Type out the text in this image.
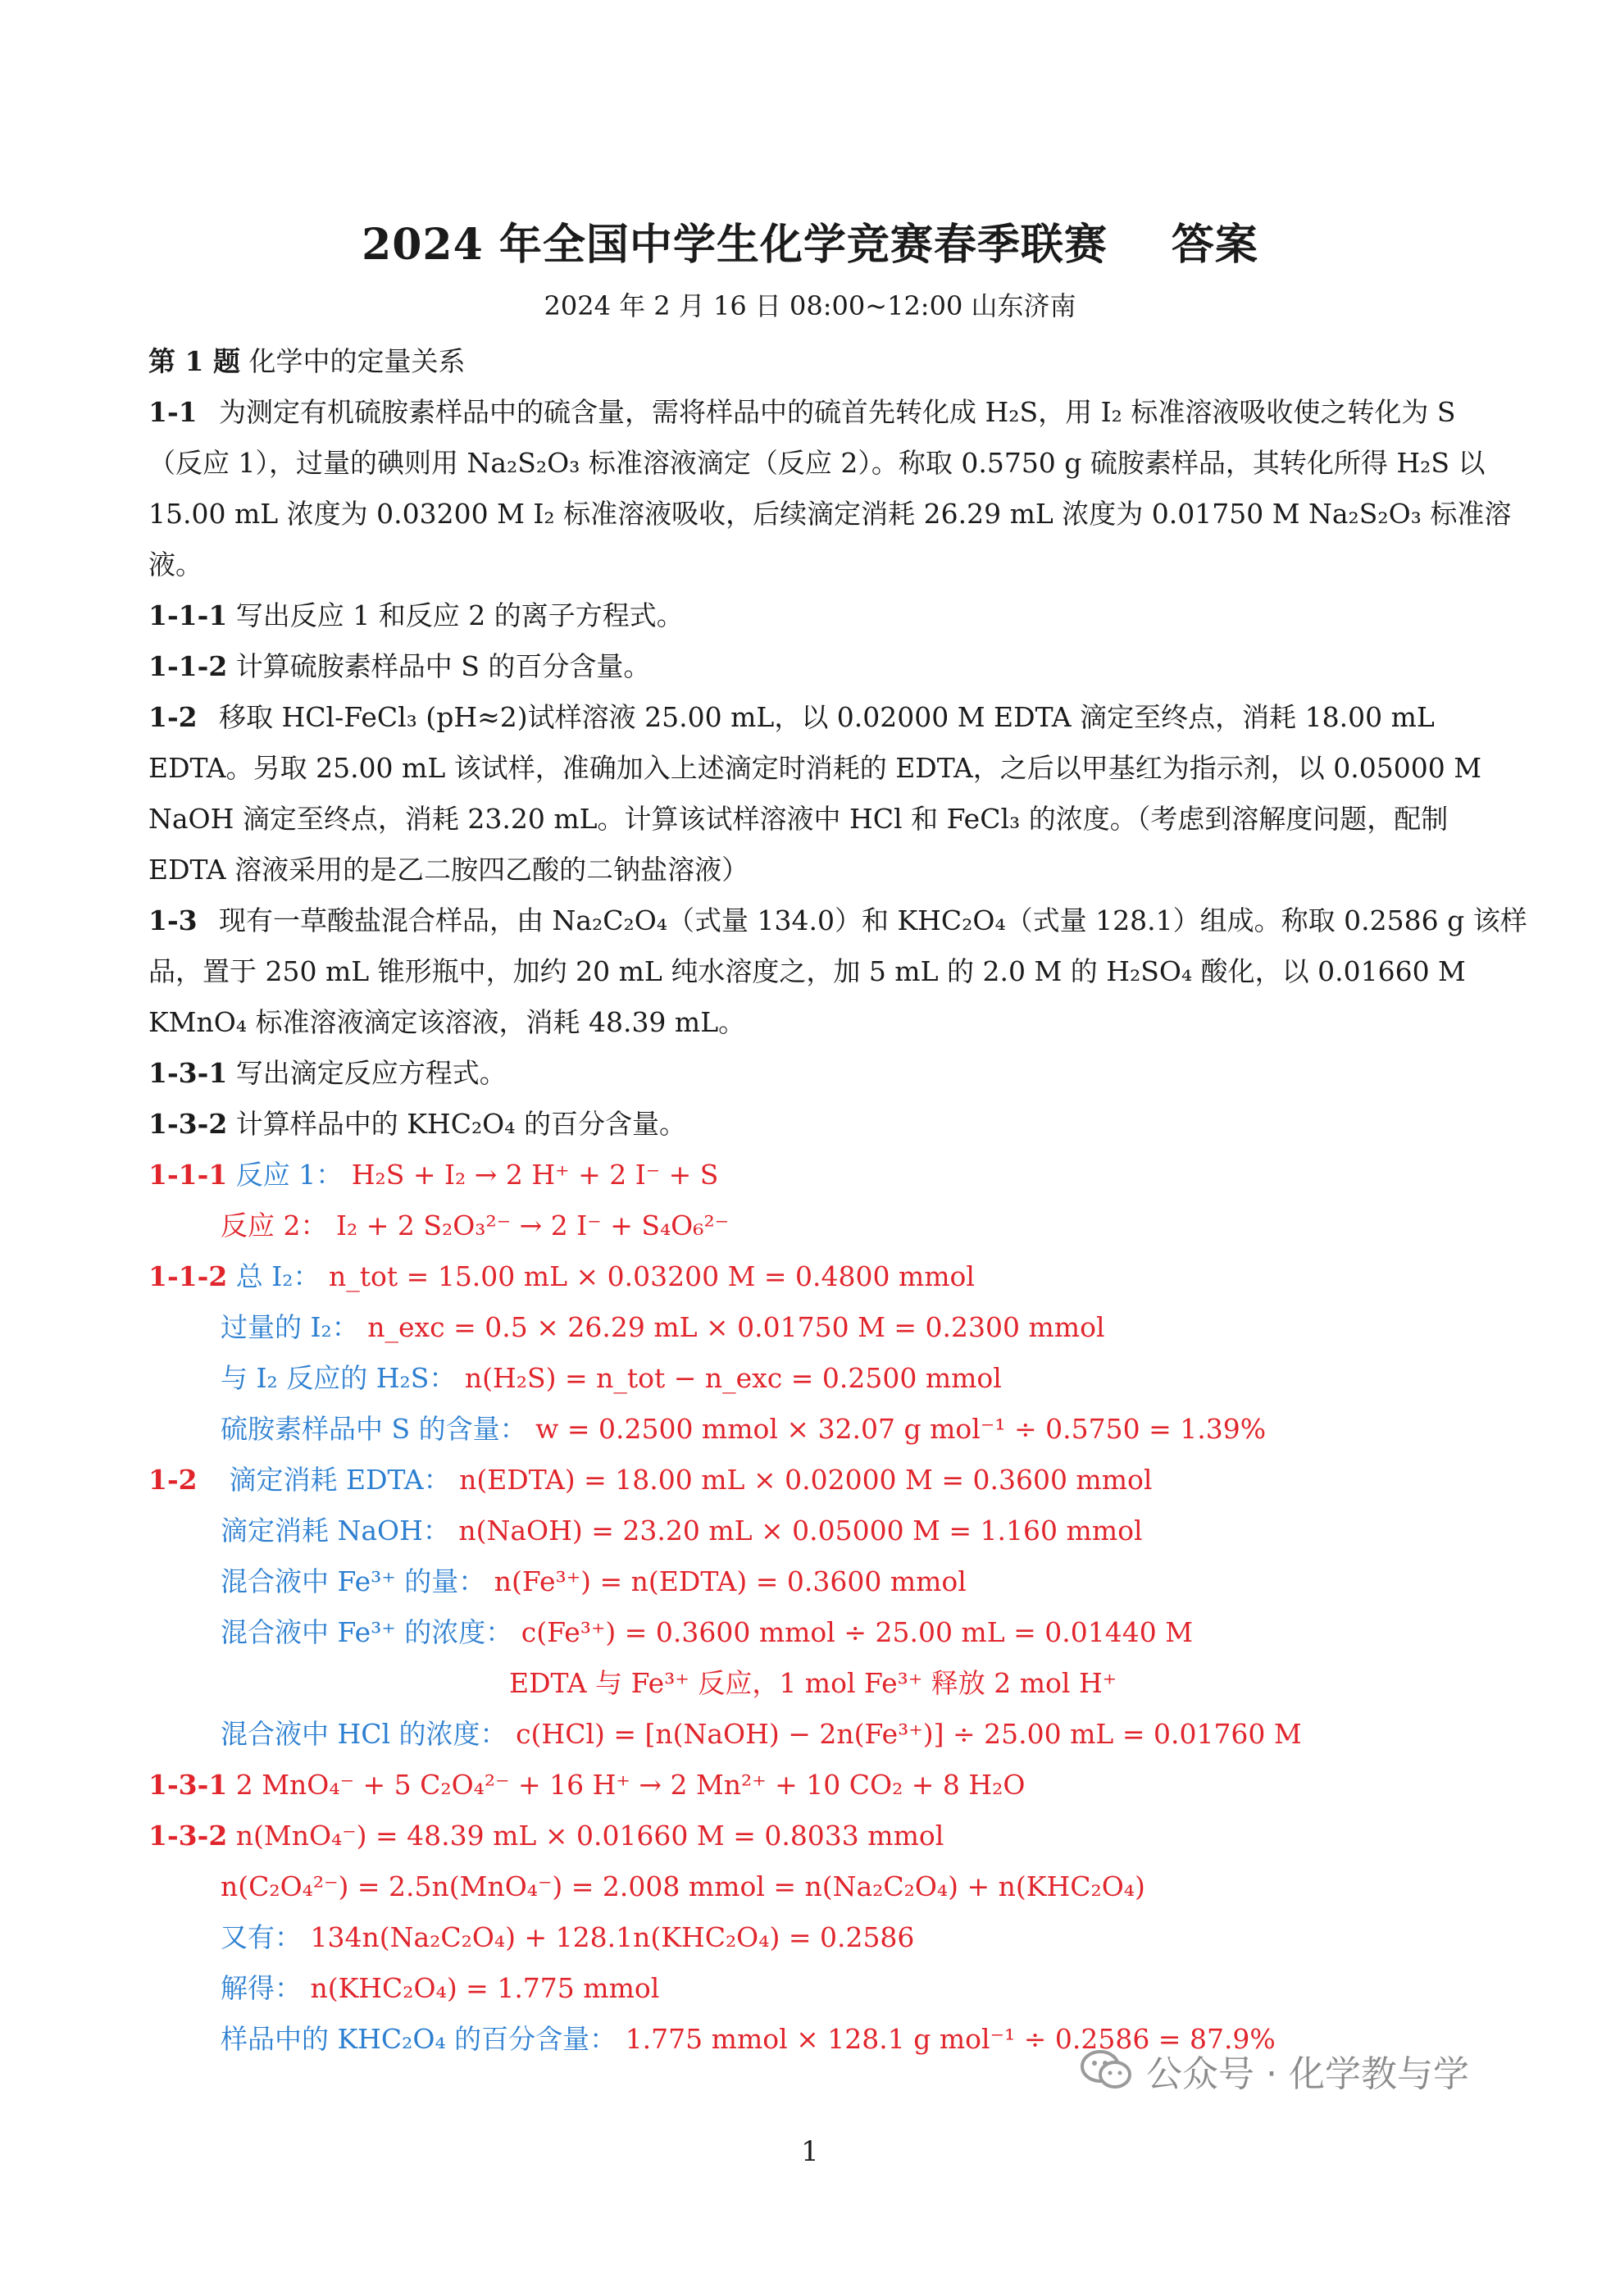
2024 年全国中学生化学竞赛春季联赛 答案
2024 年 2 月 16 日 08:00~12:00 山东济南
第 1 题 化学中的定量关系
1-1 为测定有机硫胺素样品中的硫含量，需将样品中的硫首先转化成 H₂S，用 I₂ 标准溶液吸收使之转化为 S
（反应 1），过量的碘则用 Na₂S₂O₃ 标准溶液滴定（反应 2）。称取 0.5750 g 硫胺素样品，其转化所得 H₂S 以
15.00 mL 浓度为 0.03200 M I₂ 标准溶液吸收，后续滴定消耗 26.29 mL 浓度为 0.01750 M Na₂S₂O₃ 标准溶
液。
1-1-1 写出反应 1 和反应 2 的离子方程式。
1-1-2 计算硫胺素样品中 S 的百分含量。
1-2 移取 HCl-FeCl₃ (pH≈2)试样溶液 25.00 mL，以 0.02000 M EDTA 滴定至终点，消耗 18.00 mL
EDTA。另取 25.00 mL 该试样，准确加入上述滴定时消耗的 EDTA，之后以甲基红为指示剂，以 0.05000 M
NaOH 滴定至终点，消耗 23.20 mL。计算该试样溶液中 HCl 和 FeCl₃ 的浓度。（考虑到溶解度问题，配制
EDTA 溶液采用的是乙二胺四乙酸的二钠盐溶液）
1-3 现有一草酸盐混合样品，由 Na₂C₂O₄（式量 134.0）和 KHC₂O₄（式量 128.1）组成。称取 0.2586 g 该样
品，置于 250 mL 锥形瓶中，加约 20 mL 纯水溶度之，加 5 mL 的 2.0 M 的 H₂SO₄ 酸化，以 0.01660 M
KMnO₄ 标准溶液滴定该溶液，消耗 48.39 mL。
1-3-1 写出滴定反应方程式。
1-3-2 计算样品中的 KHC₂O₄ 的百分含量。
1-1-1 反应 1： H₂S + I₂ → 2 H⁺ + 2 I⁻ + S
反应 2： I₂ + 2 S₂O₃²⁻ → 2 I⁻ + S₄O₆²⁻
1-1-2 总 I₂： n_tot = 15.00 mL × 0.03200 M = 0.4800 mmol
过量的 I₂： n_exc = 0.5 × 26.29 mL × 0.01750 M = 0.2300 mmol
与 I₂ 反应的 H₂S： n(H₂S) = n_tot − n_exc = 0.2500 mmol
硫胺素样品中 S 的含量： w = 0.2500 mmol × 32.07 g mol⁻¹ ÷ 0.5750 = 1.39%
1-2 滴定消耗 EDTA： n(EDTA) = 18.00 mL × 0.02000 M = 0.3600 mmol
滴定消耗 NaOH： n(NaOH) = 23.20 mL × 0.05000 M = 1.160 mmol
混合液中 Fe³⁺ 的量： n(Fe³⁺) = n(EDTA) = 0.3600 mmol
混合液中 Fe³⁺ 的浓度： c(Fe³⁺) = 0.3600 mmol ÷ 25.00 mL = 0.01440 M
EDTA 与 Fe³⁺ 反应，1 mol Fe³⁺ 释放 2 mol H⁺
混合液中 HCl 的浓度： c(HCl) = [n(NaOH) − 2n(Fe³⁺)] ÷ 25.00 mL = 0.01760 M
1-3-1 2 MnO₄⁻ + 5 C₂O₄²⁻ + 16 H⁺ → 2 Mn²⁺ + 10 CO₂ + 8 H₂O
1-3-2 n(MnO₄⁻) = 48.39 mL × 0.01660 M = 0.8033 mmol
n(C₂O₄²⁻) = 2.5n(MnO₄⁻) = 2.008 mmol = n(Na₂C₂O₄) + n(KHC₂O₄)
又有： 134n(Na₂C₂O₄) + 128.1n(KHC₂O₄) = 0.2586
解得： n(KHC₂O₄) = 1.775 mmol
样品中的 KHC₂O₄ 的百分含量： 1.775 mmol × 128.1 g mol⁻¹ ÷ 0.2586 = 87.9%
1
公众号 · 化学教与学
